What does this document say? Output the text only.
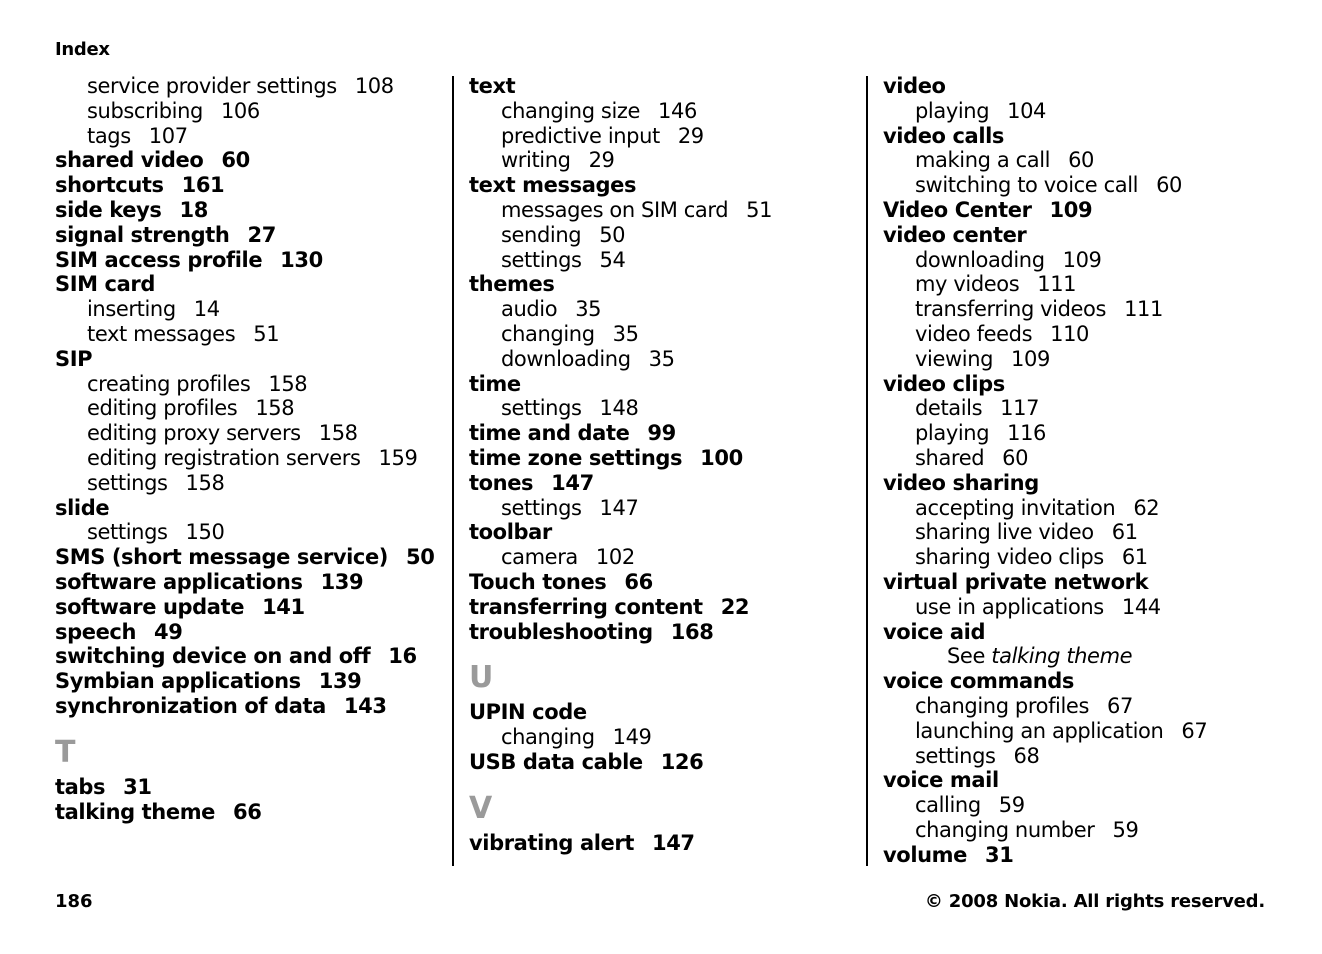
Index
service provider settings 108
subscribing 106
tags 107
shared video 60
shortcuts 161
side keys 18
signal strength 27
SIM access profile 130
SIM card
inserting 14
text messages 51
SIP
creating profiles 158
editing profiles 158
editing proxy servers 158
editing registration servers 159
settings 158
slide
settings 150
SMS (short message service) 50
software applications 139
software update 141
speech 49
switching device on and off 16
Symbian applications 139
synchronization of data 143
T
tabs 31
talking theme 66
text
changing size 146
predictive input 29
writing 29
text messages
messages on SIM card 51
sending 50
settings 54
themes
audio 35
changing 35
downloading 35
time
settings 148
time and date 99
time zone settings 100
tones 147
settings 147
toolbar
camera 102
Touch tones 66
transferring content 22
troubleshooting 168
U
UPIN code
changing 149
USB data cable 126
V
vibrating alert 147
video
playing 104
video calls
making a call 60
switching to voice call 60
Video Center 109
video center
downloading 109
my videos 111
transferring videos 111
video feeds 110
viewing 109
video clips
details 117
playing 116
shared 60
video sharing
accepting invitation 62
sharing live video 61
sharing video clips 61
virtual private network
use in applications 144
voice aid
See talking theme
voice commands
changing profiles 67
launching an application 67
settings 68
voice mail
calling 59
changing number 59
volume 31
186	© 2008 Nokia. All rights reserved.
